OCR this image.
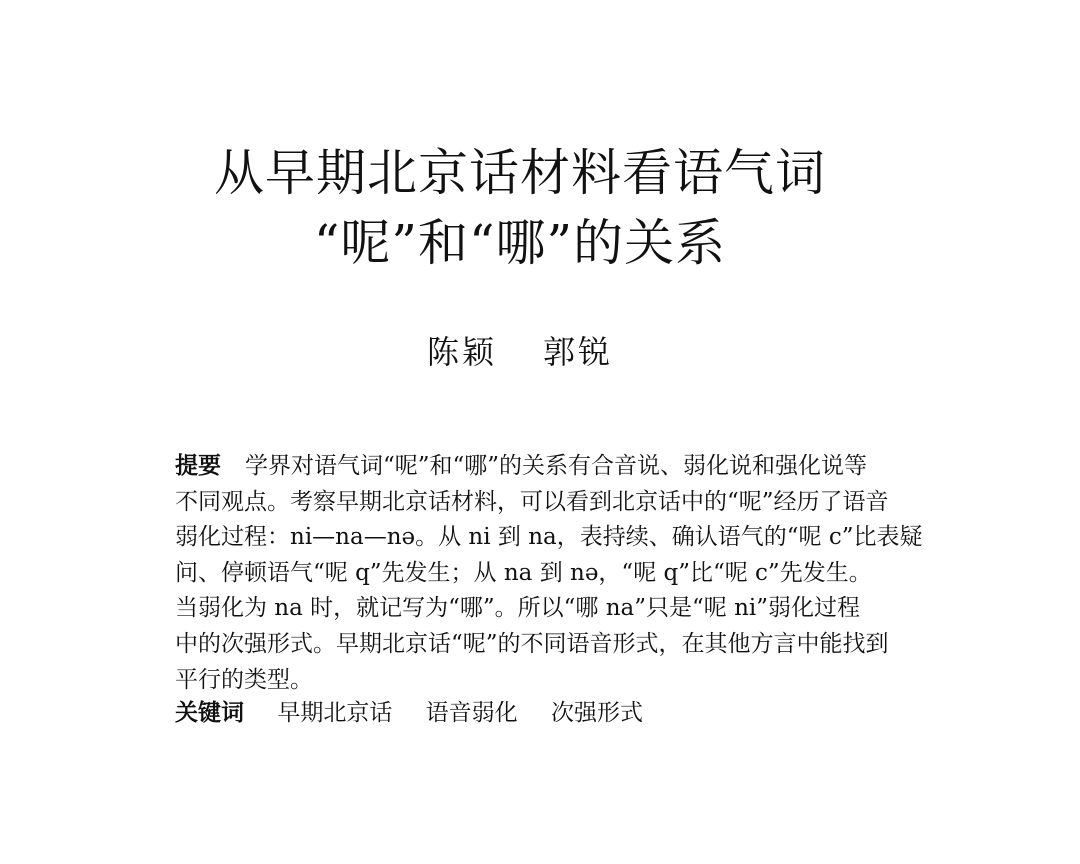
从早期北京话材料看语气词
“呢”和“哪”的关系
陈颖 郭锐
提要 学界对语气词“呢”和“哪”的关系有合音说、弱化说和强化说等
不同观点。考察早期北京话材料，可以看到北京话中的“呢”经历了语音
弱化过程：ni—na—nə。从 ni 到 na，表持续、确认语气的“呢 c”比表疑
问、停顿语气“呢 q”先发生；从 na 到 nə，“呢 q”比“呢 c”先发生。
当弱化为 na 时，就记写为“哪”。所以“哪 na”只是“呢 ni”弱化过程
中的次强形式。早期北京话“呢”的不同语音形式，在其他方言中能找到
平行的类型。
关键词 早期北京话 语音弱化 次强形式
